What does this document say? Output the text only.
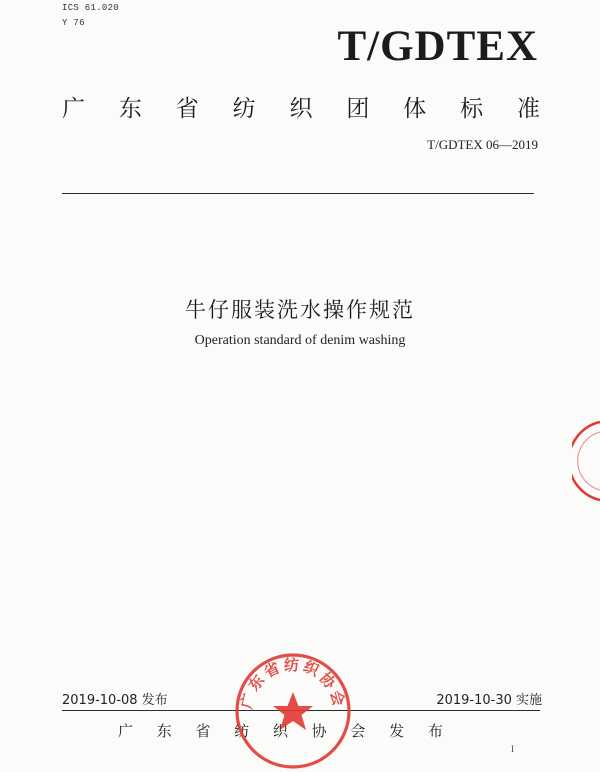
ICS 61.020
Y 76	T/GDTEX
广 东 省 纺 织 团 体 标 准
T/GDTEX 06—2019
牛仔服装洗水操作规范
Operation standard of denim washing
2019-10-08 发布	2019-10-30 实施
广 东 省 纺 织 协 会 发 布
I
广东省纺织协会
